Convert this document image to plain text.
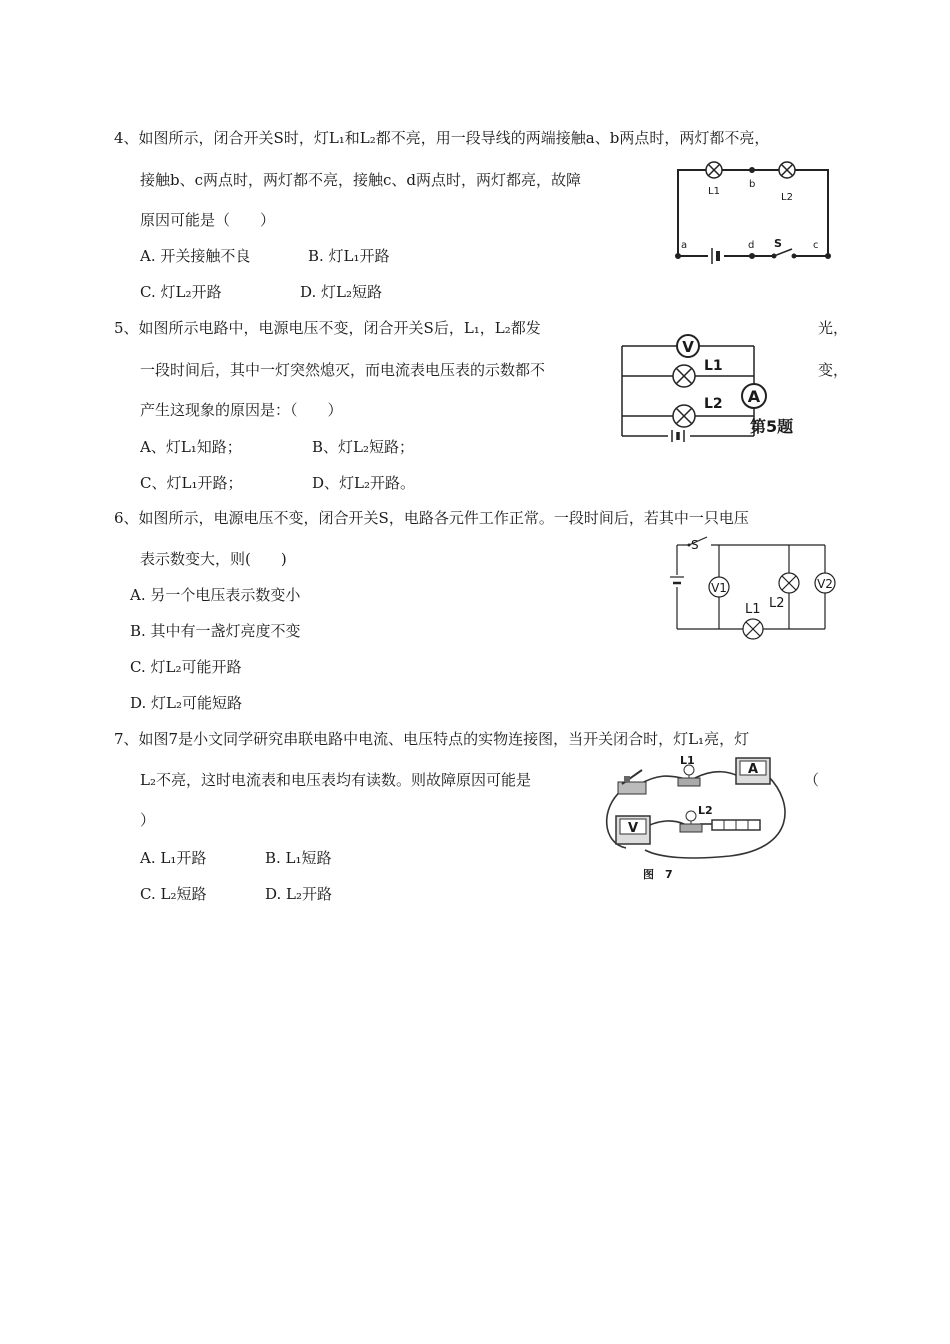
4、如图所示，闭合开关S时，灯L₁和L₂都不亮，用一段导线的两端接触a、b两点时，两灯都不亮，
接触b、c两点时，两灯都不亮，接触c、d两点时，两灯都亮，故障
原因可能是（　　）
A. 开关接触不良	B. 灯L₁开路
C. 灯L₂开路	D. 灯L₂短路
L1
L2
b
a	d S	c
5、如图所示电路中，电源电压不变，闭合开关S后，L₁，L₂都发	光，
一段时间后，其中一灯突然熄灭，而电流表电压表的示数都不	变，
产生这现象的原因是：（　　）
A、灯L₁知路；	B、灯L₂短路；
C、灯L₁开路；	D、灯L₂开路。
V
A
L1
L2
第5题
6、如图所示，电源电压不变，闭合开关S，电路各元件工作正常。一段时间后，若其中一只电压
表示数变大，则(　　)
A. 另一个电压表示数变小
B. 其中有一盏灯亮度不变
C. 灯L₂可能开路
D. 灯L₂可能短路
V1	V2
S
L1 L2
7、如图7是小文同学研究串联电路中电流、电压特点的实物连接图，当开关闭合时，灯L₁亮，灯
L₂不亮，这时电流表和电压表均有读数。则故障原因可能是	（
）
A. L₁开路	B. L₁短路
C. L₂短路	D. L₂开路
A
V
L1
L2
图　7
